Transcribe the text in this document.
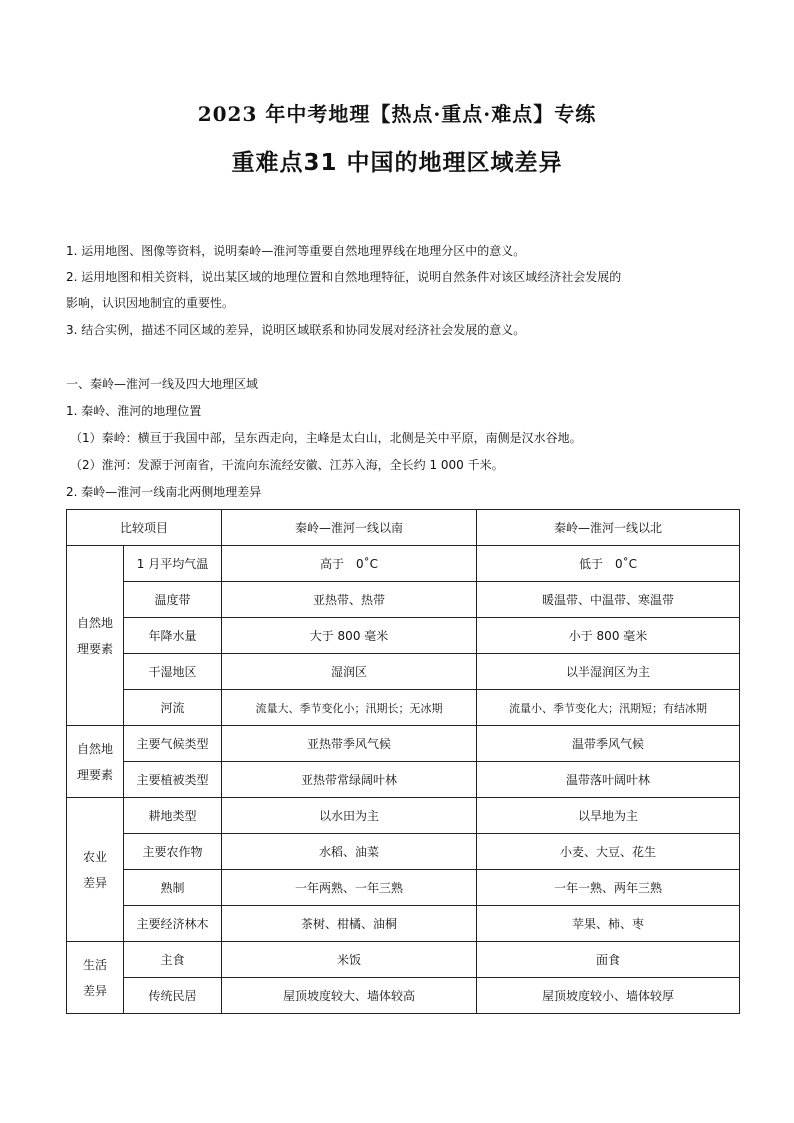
2023 年中考地理【热点·重点·难点】专练
重难点31 中国的地理区域差异
1. 运用地图、图像等资料，说明秦岭—淮河等重要自然地理界线在地理分区中的意义。
2. 运用地图和相关资料，说出某区域的地理位置和自然地理特征，说明自然条件对该区域经济社会发展的
影响，认识因地制宜的重要性。
3. 结合实例，描述不同区域的差异，说明区域联系和协同发展对经济社会发展的意义。
一、秦岭—淮河一线及四大地理区域
1. 秦岭、淮河的地理位置
（1）秦岭：横亘于我国中部，呈东西走向，主峰是太白山，北侧是关中平原，南侧是汉水谷地。
（2）淮河：发源于河南省，干流向东流经安徽、江苏入海，全长约 1 000 千米。
2. 秦岭—淮河一线南北两侧地理差异
比较项目		秦岭—淮河一线以南	秦岭—淮河一线以北
自然地
理要素	1 月平均气温	高于　0˚C	低于　0˚C
	温度带	亚热带、热带	暖温带、中温带、寒温带
	年降水量	大于 800 毫米	小于 800 毫米
	干湿地区	湿润区	以半湿润区为主
	河流	流量大、季节变化小；汛期长；无冰期	流量小、季节变化大；汛期短；有结冰期
自然地
理要素	主要气候类型	亚热带季风气候	温带季风气候
	主要植被类型	亚热带常绿阔叶林	温带落叶阔叶林
农业
差异	耕地类型	以水田为主	以旱地为主
	主要农作物	水稻、油菜	小麦、大豆、花生
	熟制	一年两熟、一年三熟	一年一熟、两年三熟
	主要经济林木	茶树、柑橘、油桐	苹果、柿、枣
生活
差异	主食	米饭	面食
	传统民居	屋顶坡度较大、墙体较高	屋顶坡度较小、墙体较厚
